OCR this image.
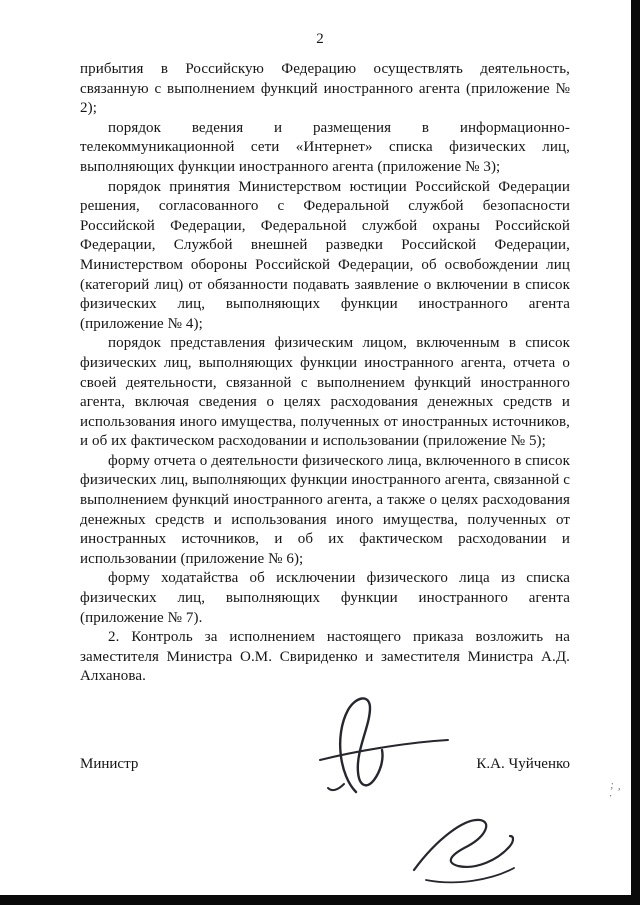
2

прибытия в Российскую Федерацию осуществлять деятельность, связанную с выполнением функций иностранного агента (приложение № 2);

порядок ведения и размещения в информационно-телекоммуникационной сети «Интернет» списка физических лиц, выполняющих функции иностранного агента (приложение № 3);

порядок принятия Министерством юстиции Российской Федерации решения, согласованного с Федеральной службой безопасности Российской Федерации, Федеральной службой охраны Российской Федерации, Службой внешней разведки Российской Федерации, Министерством обороны Российской Федерации, об освобождении лиц (категорий лиц) от обязанности подавать заявление о включении в список физических лиц, выполняющих функции иностранного агента (приложение № 4);

порядок представления физическим лицом, включенным в список физических лиц, выполняющих функции иностранного агента, отчета о своей деятельности, связанной с выполнением функций иностранного агента, включая сведения о целях расходования денежных средств и использования иного имущества, полученных от иностранных источников, и об их фактическом расходовании и использовании (приложение № 5);

форму отчета о деятельности физического лица, включенного в список физических лиц, выполняющих функции иностранного агента, связанной с выполнением функций иностранного агента, а также о целях расходования денежных средств и использования иного имущества, полученных от иностранных источников, и об их фактическом расходовании и использовании (приложение № 6);

форму ходатайства об исключении физического лица из списка физических лиц, выполняющих функции иностранного агента (приложение № 7).

2. Контроль за исполнением настоящего приказа возложить на заместителя Министра О.М. Свириденко и заместителя Министра А.Д. Алханова.

Министр	К.А. Чуйченко
; , .
